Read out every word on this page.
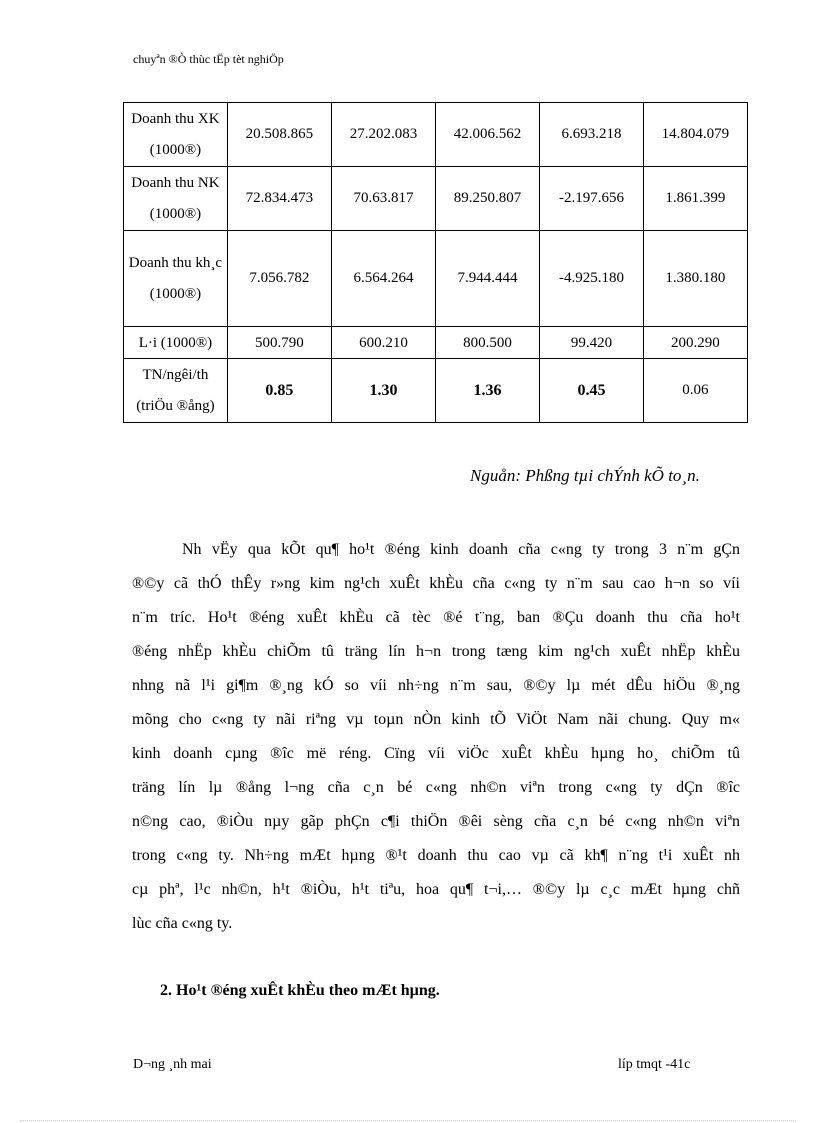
chuyªn ®Ò thùc tËp tèt nghiÖp
Doanh thu XK (1000®)	20.508.865	27.202.083	42.006.562	6.693.218	14.804.079
Doanh thu NK (1000®)	72.834.473	70.63.817	89.250.807	-2.197.656	1.861.399
Doanh thu kh¸c (1000®)	7.056.782	6.564.264	7.944.444	-4.925.180	1.380.180
L·i (1000®)	500.790	600.210	800.500	99.420	200.290
TN/ngêi/th (triÖu ®ång)	0.85	1.30	1.36	0.45	0.06
Nguån: Phßng tµi chÝnh kÕ to¸n.
Nh vËy qua kÕt qu¶ ho¹t ®éng kinh doanh cña c«ng ty trong 3 n¨m gÇn
®©y cã thÓ thÊy r»ng kim ng¹ch xuÊt khÈu cña c«ng ty n¨m sau cao h¬n so víi
n¨m tríc. Ho¹t ®éng xuÊt khÈu cã tèc ®é t¨ng, ban ®Çu doanh thu cña ho¹t
®éng nhËp khÈu chiÕm tû träng lín h¬n trong tæng kim ng¹ch xuÊt nhËp khÈu
nhng nã l¹i gi¶m ®¸ng kÓ so víi nh÷ng n¨m sau, ®©y lµ mét dÊu hiÖu ®¸ng
mõng cho c«ng ty nãi riªng vµ toµn nÒn kinh tÕ ViÖt Nam nãi chung. Quy m«
kinh doanh cµng ®îc më réng. Cïng víi viÖc xuÊt khÈu hµng ho¸ chiÕm tû
träng lín lµ ®ång l¬ng cña c¸n bé c«ng nh©n viªn trong c«ng ty dÇn ®îc
n©ng cao, ®iÒu nµy gãp phÇn c¶i thiÖn ®êi sèng cña c¸n bé c«ng nh©n viªn
trong c«ng ty. Nh÷ng mÆt hµng ®¹t doanh thu cao vµ cã kh¶ n¨ng t¹i xuÊt nh
cµ phª, l¹c nh©n, h¹t ®iÒu, h¹t tiªu, hoa qu¶ t¬i,… ®©y lµ c¸c mÆt hµng chñ
lùc cña c«ng ty.
2. Ho¹t ®éng xuÊt khÈu theo mÆt hµng.
D¬ng ¸nh mai	líp tmqt -41c
